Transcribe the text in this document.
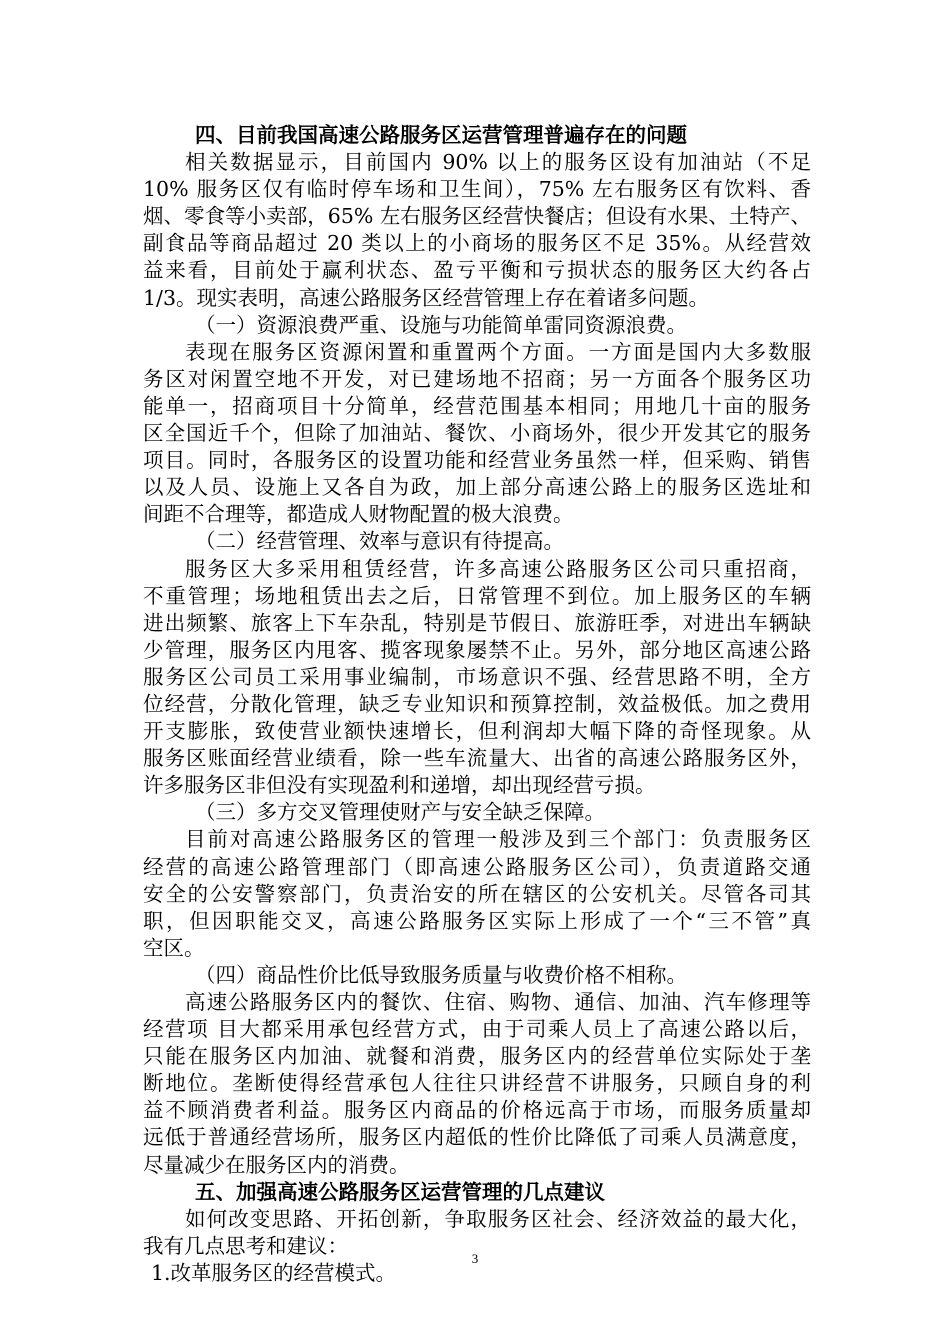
四、目前我国高速公路服务区运营管理普遍存在的问题
相关数据显示，目前国内 90% 以上的服务区设有加油站（不足
10% 服务区仅有临时停车场和卫生间），75% 左右服务区有饮料、香
烟、零食等小卖部，65% 左右服务区经营快餐店；但设有水果、土特产、
副食品等商品超过 20 类以上的小商场的服务区不足 35%。从经营效
益来看，目前处于赢利状态、盈亏平衡和亏损状态的服务区大约各占
1/3。现实表明，高速公路服务区经营管理上存在着诸多问题。
（一）资源浪费严重、设施与功能简单雷同资源浪费。
表现在服务区资源闲置和重置两个方面。一方面是国内大多数服
务区对闲置空地不开发，对已建场地不招商；另一方面各个服务区功
能单一，招商项目十分简单，经营范围基本相同；用地几十亩的服务
区全国近千个，但除了加油站、餐饮、小商场外，很少开发其它的服务
项目。同时，各服务区的设置功能和经营业务虽然一样，但采购、销售
以及人员、设施上又各自为政，加上部分高速公路上的服务区选址和
间距不合理等，都造成人财物配置的极大浪费。
（二）经营管理、效率与意识有待提高。
服务区大多采用租赁经营，许多高速公路服务区公司只重招商，
不重管理；场地租赁出去之后，日常管理不到位。加上服务区的车辆
进出频繁、旅客上下车杂乱，特别是节假日、旅游旺季，对进出车辆缺
少管理，服务区内甩客、揽客现象屡禁不止。另外，部分地区高速公路
服务区公司员工采用事业编制，市场意识不强、经营思路不明，全方
位经营，分散化管理，缺乏专业知识和预算控制，效益极低。加之费用
开支膨胀，致使营业额快速增长，但利润却大幅下降的奇怪现象。从
服务区账面经营业绩看，除一些车流量大、出省的高速公路服务区外，
许多服务区非但没有实现盈利和递增，却出现经营亏损。
（三）多方交叉管理使财产与安全缺乏保障。
目前对高速公路服务区的管理一般涉及到三个部门：负责服务区
经营的高速公路管理部门（即高速公路服务区公司），负责道路交通
安全的公安警察部门，负责治安的所在辖区的公安机关。尽管各司其
职，但因职能交叉，高速公路服务区实际上形成了一个“三不管”真
空区。
（四）商品性价比低导致服务质量与收费价格不相称。
高速公路服务区内的餐饮、住宿、购物、通信、加油、汽车修理等
经营项 目大都采用承包经营方式，由于司乘人员上了高速公路以后，
只能在服务区内加油、就餐和消费，服务区内的经营单位实际处于垄
断地位。垄断使得经营承包人往往只讲经营不讲服务，只顾自身的利
益不顾消费者利益。服务区内商品的价格远高于市场，而服务质量却
远低于普通经营场所，服务区内超低的性价比降低了司乘人员满意度，
尽量减少在服务区内的消费。
五、加强高速公路服务区运营管理的几点建议
如何改变思路、开拓创新，争取服务区社会、经济效益的最大化，
我有几点思考和建议：
1.改革服务区的经营模式。
3
